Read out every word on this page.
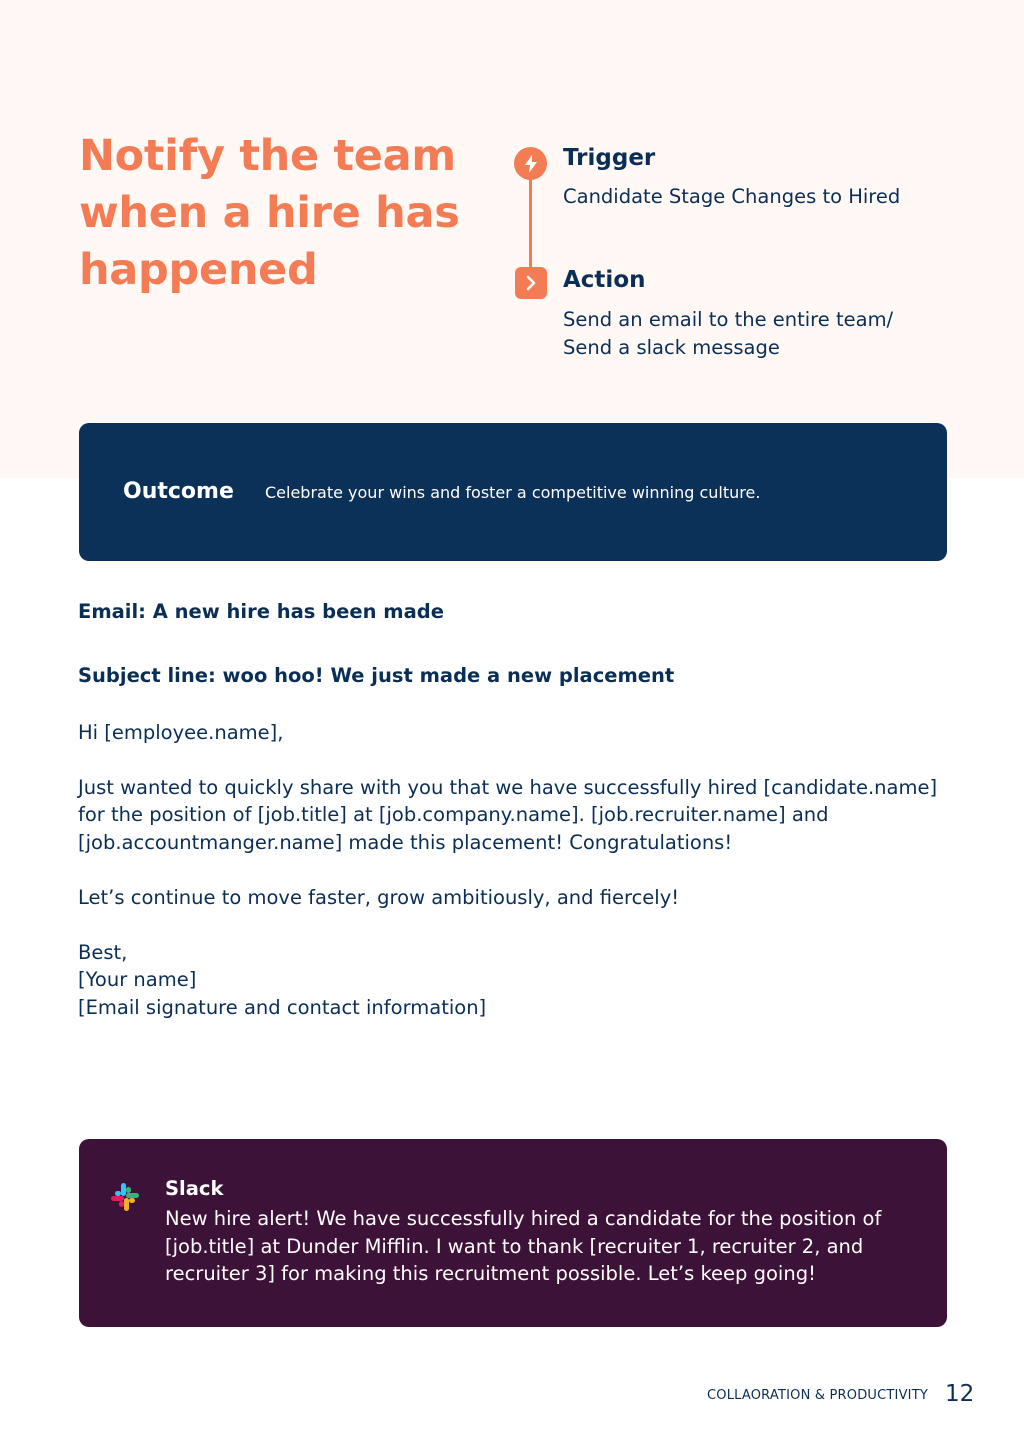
Notify the team when a hire has happened
Trigger
Candidate Stage Changes to Hired
Action
Send an email to the entire team/
Send a slack message
Outcome Celebrate your wins and foster a competitive winning culture.
Email: A new hire has been made
Subject line: woo hoo! We just made a new placement
Hi [employee.name],
Just wanted to quickly share with you that we have successfully hired [candidate.name]
for the position of [job.title] at [job.company.name]. [job.recruiter.name] and
[job.accountmanger.name] made this placement! Congratulations!
Let’s continue to move faster, grow ambitiously, and fiercely!
Best,
[Your name]
[Email signature and contact information]
Slack
New hire alert! We have successfully hired a candidate for the position of
[job.title] at Dunder Mifflin. I want to thank [recruiter 1, recruiter 2, and
recruiter 3] for making this recruitment possible. Let’s keep going!
COLLAORATION & PRODUCTIVITY 12
